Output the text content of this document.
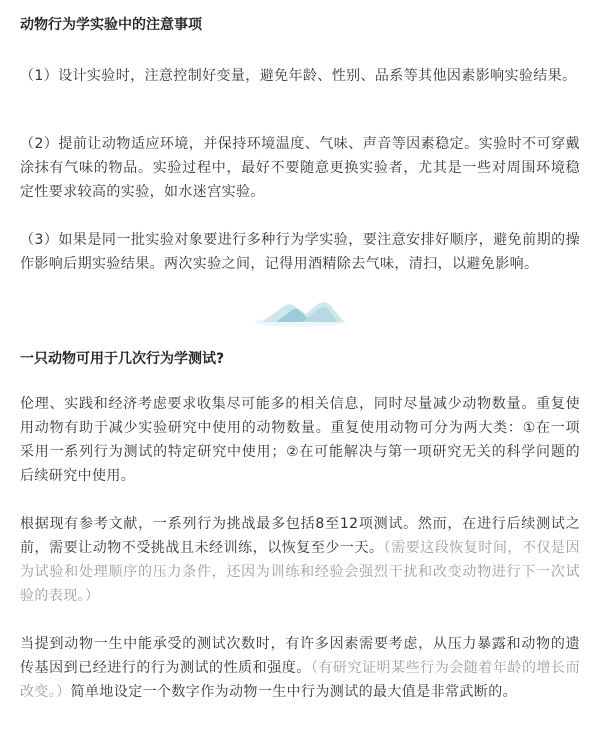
动物行为学实验中的注意事项

（1）设计实验时，注意控制好变量，避免年龄、性别、品系等其他因素影响实验结果。

（2）提前让动物适应环境，并保持环境温度、气味、声音等因素稳定。实验时不可穿戴涂抹有气味的物品。实验过程中，最好不要随意更换实验者，尤其是一些对周围环境稳定性要求较高的实验，如水迷宫实验。

（3）如果是同一批实验对象要进行多种行为学实验，要注意安排好顺序，避免前期的操作影响后期实验结果。两次实验之间，记得用酒精除去气味，清扫，以避免影响。

一只动物可用于几次行为学测试?

伦理、实践和经济考虑要求收集尽可能多的相关信息，同时尽量减少动物数量。重复使用动物有助于减少实验研究中使用的动物数量。重复使用动物可分为两大类：①在一项采用一系列行为测试的特定研究中使用；②在可能解决与第一项研究无关的科学问题的后续研究中使用。

根据现有参考文献，一系列行为挑战最多包括8至12项测试。然而，在进行后续测试之前，需要让动物不受挑战且未经训练，以恢复至少一天。（需要这段恢复时间，不仅是因为试验和处理顺序的压力条件，还因为训练和经验会强烈干扰和改变动物进行下一次试验的表现。）

当提到动物一生中能承受的测试次数时，有许多因素需要考虑，从压力暴露和动物的遗传基因到已经进行的行为测试的性质和强度。（有研究证明某些行为会随着年龄的增长而改变。）简单地设定一个数字作为动物一生中行为测试的最大值是非常武断的。
